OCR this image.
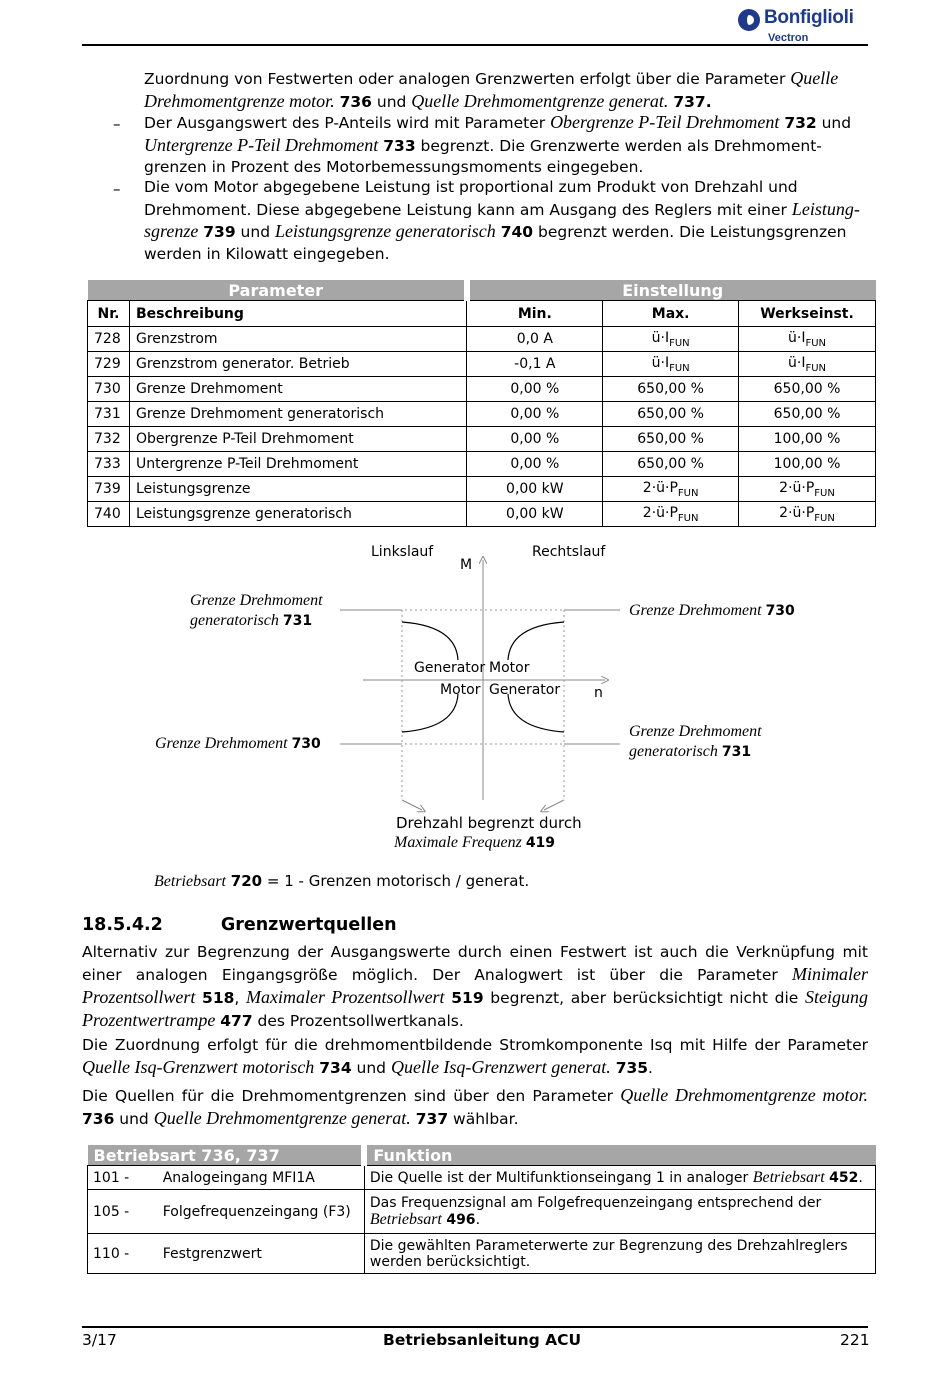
Bonfiglioli
Vectron

Zuordnung von Festwerten oder analogen Grenzwerten erfolgt über die Parameter Quelle

Drehmomentgrenze motor. 736 und Quelle Drehmomentgrenze generat. 737.

– Der Ausgangswert des P-Anteils wird mit Parameter Obergrenze P-Teil Drehmoment 732 und

Untergrenze P-Teil Drehmoment 733 begrenzt. Die Grenzwerte werden als Drehmoment-

grenzen in Prozent des Motorbemessungsmoments eingegeben.

– Die vom Motor abgegebene Leistung ist proportional zum Produkt von Drehzahl und

Drehmoment. Diese abgegebene Leistung kann am Ausgang des Reglers mit einer Leistung-

sgrenze 739 und Leistungsgrenze generatorisch 740 begrenzt werden. Die Leistungsgrenzen

werden in Kilowatt eingegeben.

Parameter		Einstellung		
Nr.	Beschreibung	Min.	Max.	Werkseinst.
728	Grenzstrom	0,0 A	$ü\cdot I_{FUN}$	$ü\cdot I_{FUN}$
729	Grenzstrom generator. Betrieb	-0,1 A	$ü\cdot I_{FUN}$	$ü\cdot I_{FUN}$
730	Grenze Drehmoment	0,00 %	650,00 %	650,00 %
731	Grenze Drehmoment generatorisch	0,00 %	650,00 %	650,00 %
732	Obergrenze P-Teil Drehmoment	0,00 %	650,00 %	100,00 %
733	Untergrenze P-Teil Drehmoment	0,00 %	650,00 %	100,00 %
739	Leistungsgrenze	0,00 kW	$2\cdot ü\cdot P_{FUN}$	$2\cdot ü\cdot P_{FUN}$
740	Leistungsgrenze generatorisch	0,00 kW	$2\cdot ü\cdot P_{FUN}$	$2\cdot ü\cdot P_{FUN}$
Linkslauf	Rechtslauf
M
n
Generator Motor
Motor Generator
Grenze Drehmoment
generatorisch 731
Grenze Drehmoment 730
Grenze Drehmoment 730
Grenze Drehmoment
generatorisch 731
Drehzahl begrenzt durch
Maximale Frequenz 419
Betriebsart 720 = 1 - Grenzen motorisch / generat.
18.5.4.2	Grenzwertquellen
Alternativ zur Begrenzung der Ausgangswerte durch einen Festwert ist auch die Verknüpfung mit einer analogen Eingangsgröße möglich. Der Analogwert ist über die Parameter Minimaler Prozentsollwert 518, Maximaler Prozentsollwert 519 begrenzt, aber berücksichtigt nicht die Steigung Prozentwertrampe 477 des Prozentsollwertkanals.
Die Zuordnung erfolgt für die drehmomentbildende Stromkomponente Isq mit Hilfe der Parameter Quelle Isq-Grenzwert motorisch 734 und Quelle Isq-Grenzwert generat. 735.
Die Quellen für die Drehmomentgrenzen sind über den Parameter Quelle Drehmomentgrenze motor. 736 und Quelle Drehmomentgrenze generat. 737 wählbar.
Betriebsart 736, 737		Funktion
101 -	Analogeingang MFI1A	Die Quelle ist der Multifunktionseingang 1 in analoger Betriebsart 452.
105 -	Folgefrequenzeingang (F3)	Das Frequenzsignal am Folgefrequenzeingang entsprechend der Betriebsart 496.
110 -	Festgrenzwert	Die gewählten Parameterwerte zur Begrenzung des Drehzahlreglers werden berücksichtigt.
3/17	Betriebsanleitung ACU	221
